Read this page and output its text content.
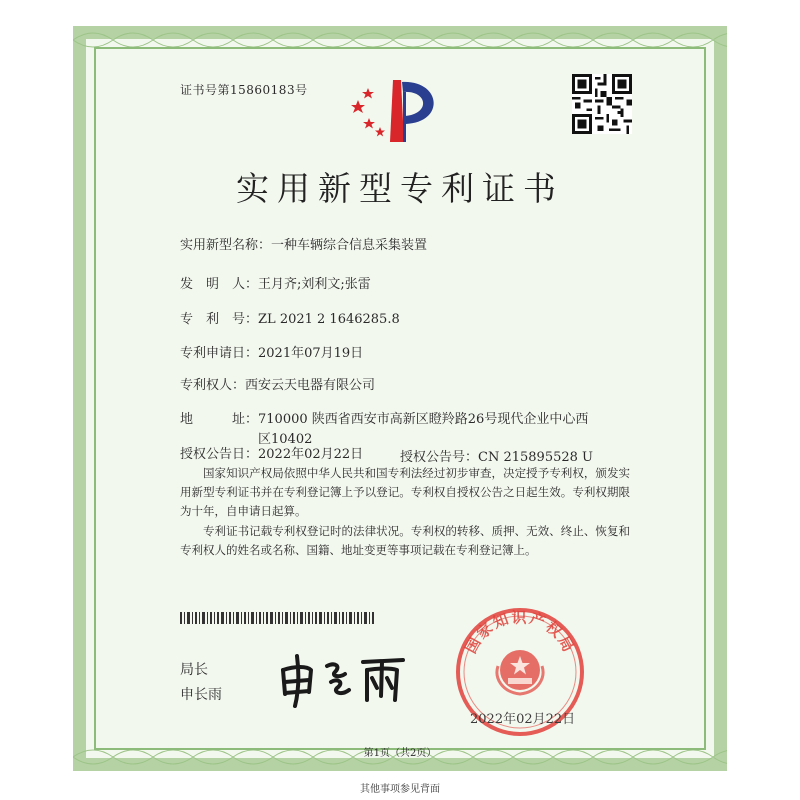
证书号第15860183号
实用新型专利证书
实用新型名称：一种车辆综合信息采集装置
发　明　人：王月齐;刘利文;张雷
专　利　号：ZL 2021 2 1646285.8
专利申请日：2021年07月19日
专利权人：西安云天电器有限公司
地　　　址：710000 陕西省西安市高新区瞪羚路26号现代企业中心西
区10402
授权公告日：2022年02月22日	授权公告号：CN 215895528 U
国家知识产权局依照中华人民共和国专利法经过初步审查，决定授予专利权，颁发实用新型专利证书并在专利登记簿上予以登记。专利权自授权公告之日起生效。专利权期限为十年，自申请日起算。
专利证书记载专利权登记时的法律状况。专利权的转移、质押、无效、终止、恢复和专利权人的姓名或名称、国籍、地址变更等事项记载在专利登记簿上。
局长
申长雨
国家知识产权局
2022年02月22日
第1页（共2页）
其他事项参见背面
